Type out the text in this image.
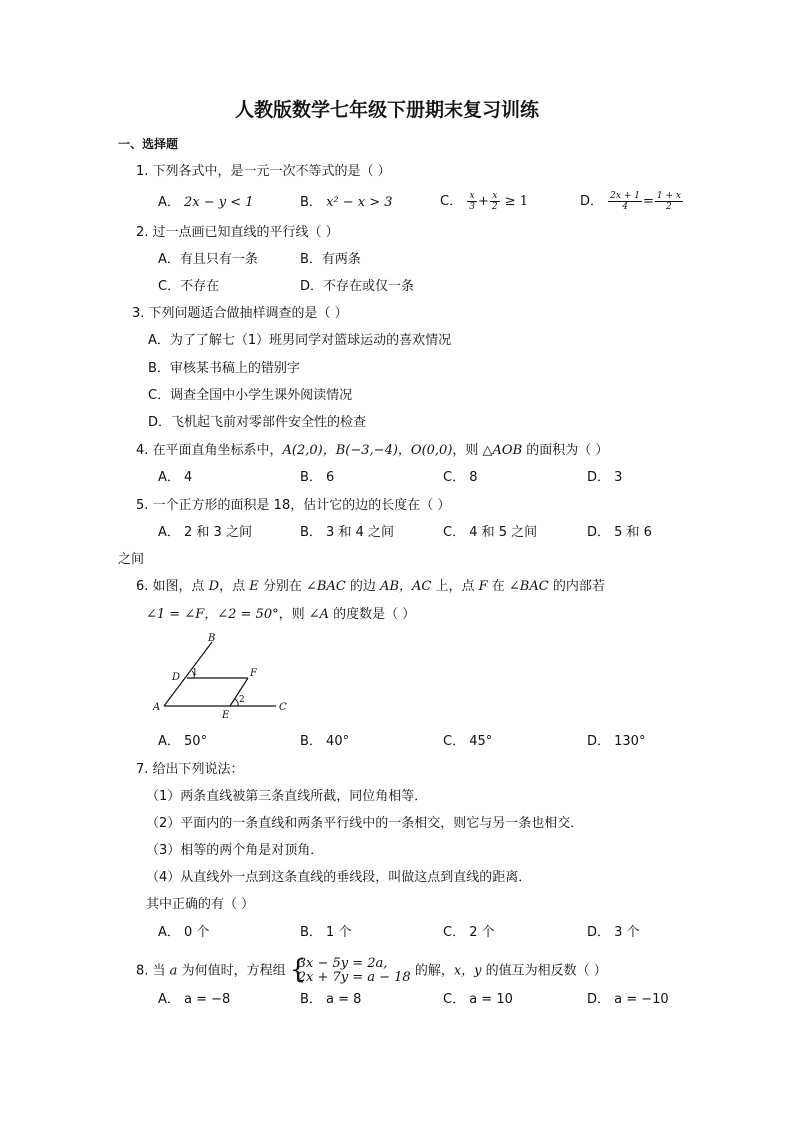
人教版数学七年级下册期末复习训练
一、选择题
1. 下列各式中，是一元一次不等式的是（ ）
A． 2x − y < 1	B． x² − x > 3	C． $\frac{x}{3} + \frac{x}{2} \ge 1$	D． $\frac{2x + 1}{4} = \frac{1 + x}{2}$
2. 过一点画已知直线的平行线（ ）
A．有且只有一条	B．有两条
C．不存在	D．不存在或仅一条
3. 下列问题适合做抽样调查的是（ ）
A．为了了解七（1）班男同学对篮球运动的喜欢情况
B．审核某书稿上的错别字
C．调查全国中小学生课外阅读情况
D．飞机起飞前对零部件安全性的检查
4. 在平面直角坐标系中，A(2,0)，B(−3,−4)，O(0,0)，则 △AOB 的面积为（ ）
A． 4	B． 6	C． 8	D． 3
5. 一个正方形的面积是 18，估计它的边的长度在（ ）
A． 2 和 3 之间	B． 3 和 4 之间	C． 4 和 5 之间	D． 5 和 6
之间
6. 如图，点 D，点 E 分别在 ∠BAC 的边 AB，AC 上，点 F 在 ∠BAC 的内部若
∠1 = ∠F，∠2 = 50°，则 ∠A 的度数是（ ）
B
D 1	F
2
A
E
C
A． 50°	B． 40°	C． 45°	D． 130°
7. 给出下列说法：
（1）两条直线被第三条直线所截，同位角相等．
（2）平面内的一条直线和两条平行线中的一条相交，则它与另一条也相交．
（3）相等的两个角是对顶角．
（4）从直线外一点到这条直线的垂线段，叫做这点到直线的距离．
其中正确的有（ ）
A． 0 个	B． 1 个	C． 2 个	D． 3 个
8. 当 a 为何值时，方程组 {
3x − 5y = 2a,
2x + 7y = a − 18 的解，x，y 的值互为相反数（ ）
A． a = −8	B． a = 8	C． a = 10	D． a = −10
